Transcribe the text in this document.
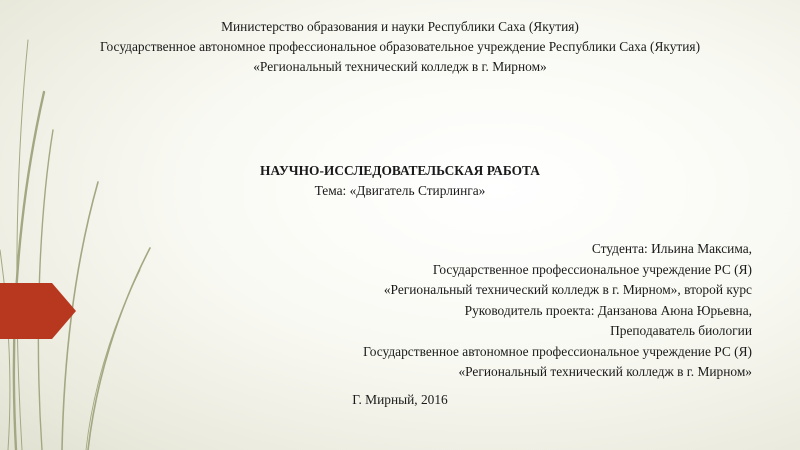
Министерство образования и науки Республики Саха (Якутия)
Государственное автономное профессиональное образовательное учреждение Республики Саха (Якутия)
«Региональный технический колледж в г. Мирном»
НАУЧНО-ИССЛЕДОВАТЕЛЬСКАЯ РАБОТА
Тема: «Двигатель Стирлинга»
Студента: Ильина Максима,
Государственное профессиональное учреждение РС (Я)
«Региональный технический колледж в г. Мирном», второй курс
Руководитель проекта: Данзанова Аюна Юрьевна,
Преподаватель биологии
Государственное автономное профессиональное учреждение РС (Я)
«Региональный технический колледж в г. Мирном»
Г. Мирный, 2016
